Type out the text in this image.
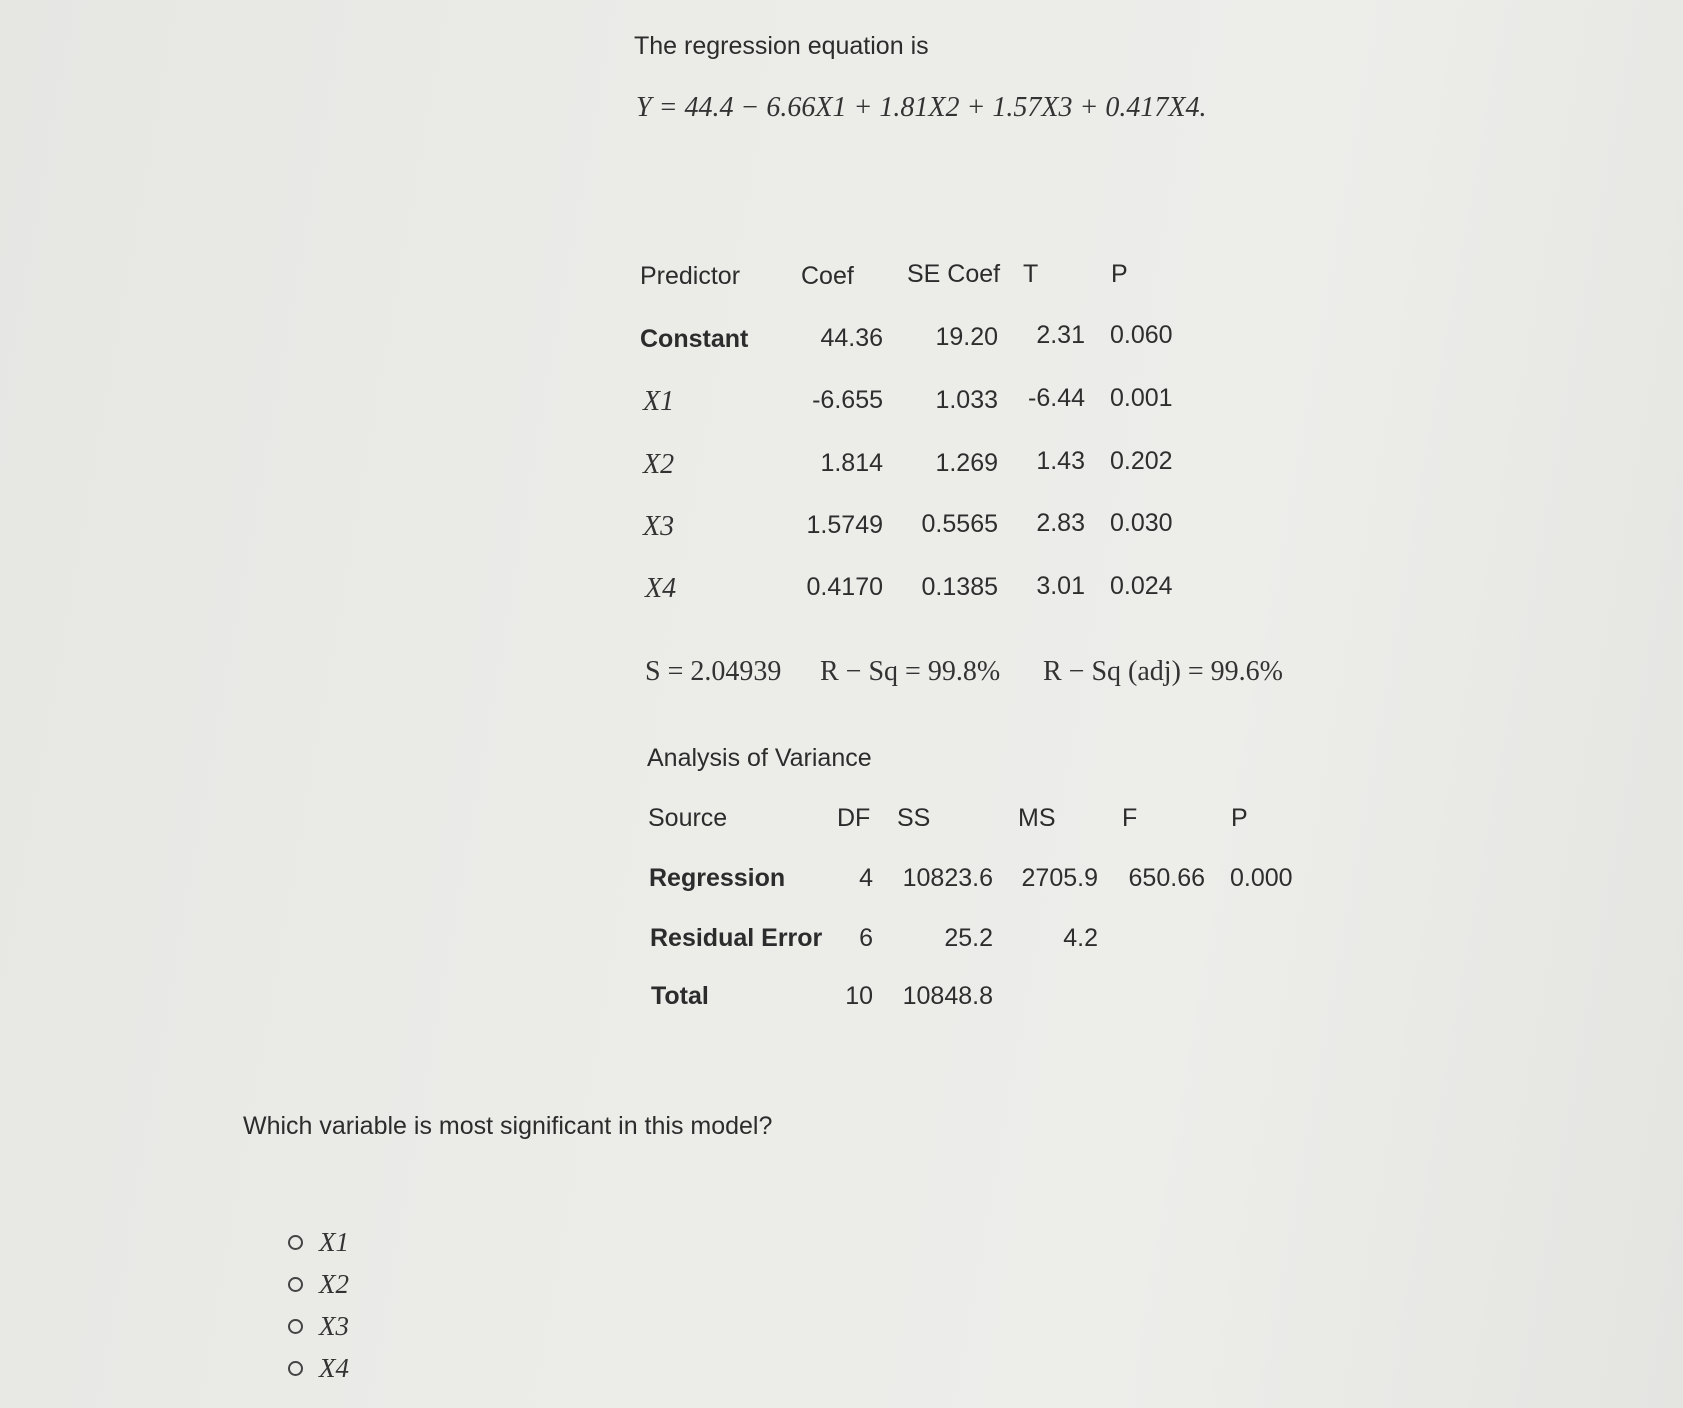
The regression equation is
Y = 44.4 − 6.66X1 + 1.81X2 + 1.57X3 + 0.417X4.
Predictor Coef SE Coef T	P
Constant	44.36	19.20	2.31 0.060
X1	-6.655	1.033	-6.44 0.001
X2	1.814	1.269	1.43 0.202
X3	1.5749	0.5565	2.83 0.030
X4	0.4170	0.1385	3.01 0.024
S = 2.04939 R − Sq = 99.8% R − Sq (adj) = 99.6%
Analysis of Variance
Source	DF SS	MS	F	P
Regression	4	10823.6	2705.9	650.66 0.000
Residual Error	6	25.2	4.2
Total	10	10848.8
Which variable is most significant in this model?
X1
X2
X3
X4
